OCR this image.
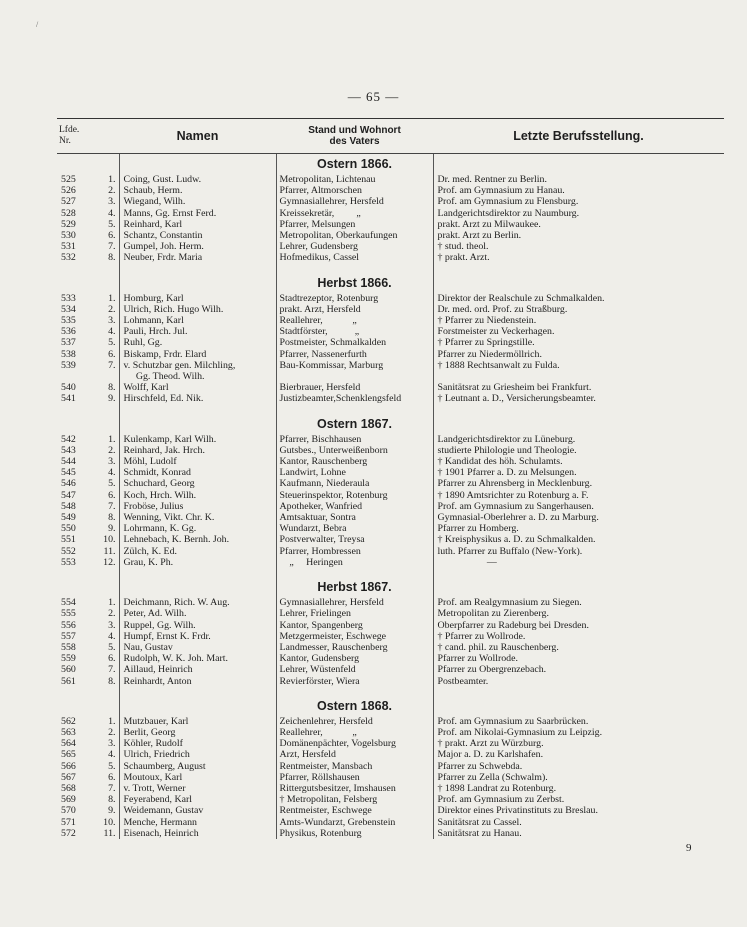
/
— 65 —
Lfde.
Nr.		Namen	Stand und Wohnort
des Vaters	Letzte Berufsstellung.
			Ostern 1866.	
525	1.	Coing, Gust. Ludw.	Metropolitan, Lichtenau	Dr. med. Rentner zu Berlin.
526	2.	Schaub, Herm.	Pfarrer, Altmorschen	Prof. am Gymnasium zu Hanau.
527	3.	Wiegand, Wilh.	Gymnasiallehrer, Hersfeld	Prof. am Gymnasium zu Flensburg.
528	4.	Manns, Gg. Ernst Ferd.	Kreissekretär,         „	Landgerichtsdirektor zu Naumburg.
529	5.	Reinhard, Karl	Pfarrer, Melsungen	prakt. Arzt zu Milwaukee.
530	6.	Schantz, Constantin	Metropolitan, Oberkaufungen	prakt. Arzt zu Berlin.
531	7.	Gumpel, Joh. Herm.	Lehrer, Gudensberg	† stud. theol.
532	8.	Neuber, Frdr. Maria	Hofmedikus, Cassel	† prakt. Arzt.

			Herbst 1866.	
533	1.	Homburg, Karl	Stadtrezeptor, Rotenburg	Direktor der Realschule zu Schmalkalden.
534	2.	Ulrich, Rich. Hugo Wilh.	prakt. Arzt, Hersfeld	Dr. med. ord. Prof. zu Straßburg.
535	3.	Lohmann, Karl	Reallehrer,            „	† Pfarrer zu Niedenstein.
536	4.	Pauli, Hrch. Jul.	Stadtförster,           „	Forstmeister zu Veckerhagen.
537	5.	Ruhl, Gg.	Postmeister, Schmalkalden	† Pfarrer zu Springstille.
538	6.	Biskamp, Frdr. Elard	Pfarrer, Nassenerfurth	Pfarrer zu Niedermöllrich.
539	7.	v. Schutzbar gen. Milchling,	Bau-Kommissar, Marburg	† 1888 Rechtsanwalt zu Fulda.
		Gg. Theod. Wilh.		
540	8.	Wolff, Karl	Bierbrauer, Hersfeld	Sanitätsrat zu Griesheim bei Frankfurt.
541	9.	Hirschfeld, Ed. Nik.	Justizbeamter,Schenklengsfeld	† Leutnant a. D., Versicherungsbeamter.

			Ostern 1867.	
542	1.	Kulenkamp, Karl Wilh.	Pfarrer, Bischhausen	Landgerichtsdirektor zu Lüneburg.
543	2.	Reinhard, Jak. Hrch.	Gutsbes., Unterweißenborn	studierte Philologie und Theologie.
544	3.	Möhl, Ludolf	Kantor, Rauschenberg	† Kandidat des höh. Schulamts.
545	4.	Schmidt, Konrad	Landwirt, Lohne	† 1901 Pfarrer a. D. zu Melsungen.
546	5.	Schuchard, Georg	Kaufmann, Niederaula	Pfarrer zu Ahrensberg in Mecklenburg.
547	6.	Koch, Hrch. Wilh.	Steuerinspektor, Rotenburg	† 1890 Amtsrichter zu Rotenburg a. F.
548	7.	Froböse, Julius	Apotheker, Wanfried	Prof. am Gymnasium zu Sangerhausen.
549	8.	Wenning, Vikt. Chr. K.	Amtsaktuar, Sontra	Gymnasial-Oberlehrer a. D. zu Marburg.
550	9.	Lohrmann, K. Gg.	Wundarzt, Bebra	Pfarrer zu Homberg.
551	10.	Lehnebach, K. Bernh. Joh.	Postverwalter, Treysa	† Kreisphysikus a. D. zu Schmalkalden.
552	11.	Zülch, K. Ed.	Pfarrer, Hombressen	luth. Pfarrer zu Buffalo (New-York).
553	12.	Grau, K. Ph.	„     Heringen	—

			Herbst 1867.	
554	1.	Deichmann, Rich. W. Aug.	Gymnasiallehrer, Hersfeld	Prof. am Realgymnasium zu Siegen.
555	2.	Peter, Ad. Wilh.	Lehrer, Frielingen	Metropolitan zu Zierenberg.
556	3.	Ruppel, Gg. Wilh.	Kantor, Spangenberg	Oberpfarrer zu Radeburg bei Dresden.
557	4.	Humpf, Ernst K. Frdr.	Metzgermeister, Eschwege	† Pfarrer zu Wollrode.
558	5.	Nau, Gustav	Landmesser, Rauschenberg	† cand. phil. zu Rauschenberg.
559	6.	Rudolph, W. K. Joh. Mart.	Kantor, Gudensberg	Pfarrer zu Wollrode.
560	7.	Aillaud, Heinrich	Lehrer, Wüstenfeld	Pfarrer zu Obergrenzebach.
561	8.	Reinhardt, Anton	Revierförster, Wiera	Postbeamter.

			Ostern 1868.	
562	1.	Mutzbauer, Karl	Zeichenlehrer, Hersfeld	Prof. am Gymnasium zu Saarbrücken.
563	2.	Berlit, Georg	Reallehrer,            „	Prof. am Nikolai-Gymnasium zu Leipzig.
564	3.	Köhler, Rudolf	Domänenpächter, Vogelsburg	† prakt. Arzt zu Würzburg.
565	4.	Ulrich, Friedrich	Arzt, Hersfeld	Major a. D. zu Karlshafen.
566	5.	Schaumberg, August	Rentmeister, Mansbach	Pfarrer zu Schwebda.
567	6.	Moutoux, Karl	Pfarrer, Röllshausen	Pfarrer zu Zella (Schwalm).
568	7.	v. Trott, Werner	Rittergutsbesitzer, Imshausen	† 1898 Landrat zu Rotenburg.
569	8.	Feyerabend, Karl	† Metropolitan, Felsberg	Prof. am Gymnasium zu Zerbst.
570	9.	Weidemann, Gustav	Rentmeister, Eschwege	Direktor eines Privatinstituts zu Breslau.
571	10.	Menche, Hermann	Amts-Wundarzt, Grebenstein	Sanitätsrat zu Cassel.
572	11.	Eisenach, Heinrich	Physikus, Rotenburg	Sanitätsrat zu Hanau.
9
